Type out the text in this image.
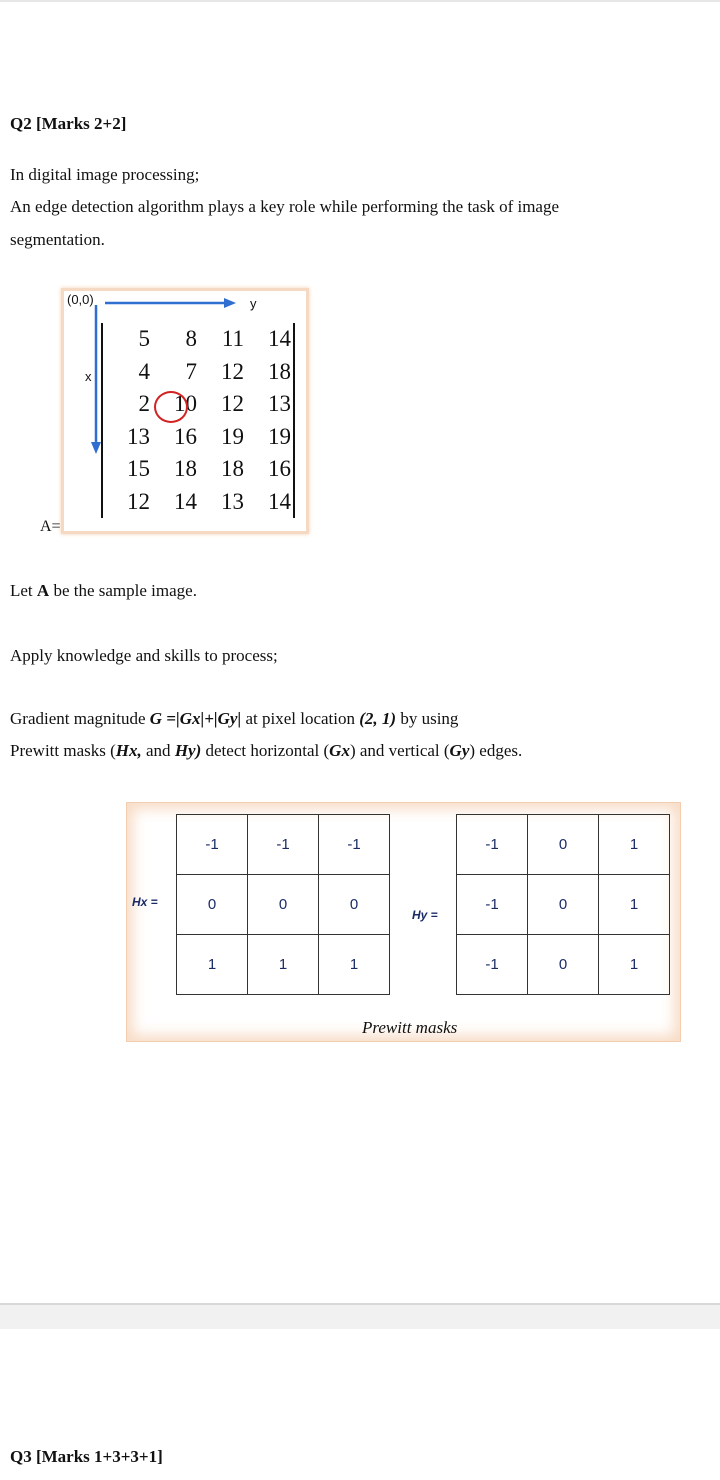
Q2 [Marks 2+2]
In digital image processing;
An edge detection algorithm plays a key role while performing the task of image
segmentation.
(0,0)	y
x
5	8	11	14
4	7	12	18
2	10	12	13
13	16	19	19
15	18	18	16
12	14	13	14
A=
Let A be the sample image.
Apply knowledge and skills to process;
Gradient magnitude G =|Gx|+|Gy| at pixel location (2, 1) by using
Prewitt masks (Hx, and Hy) detect horizontal (Gx) and vertical (Gy) edges.
Hx =
-1	-1	-1
0	0	0
1	1	1
Hy =
-1	0	1
-1	0	1
-1	0	1
Prewitt masks
Q3 [Marks 1+3+3+1]
